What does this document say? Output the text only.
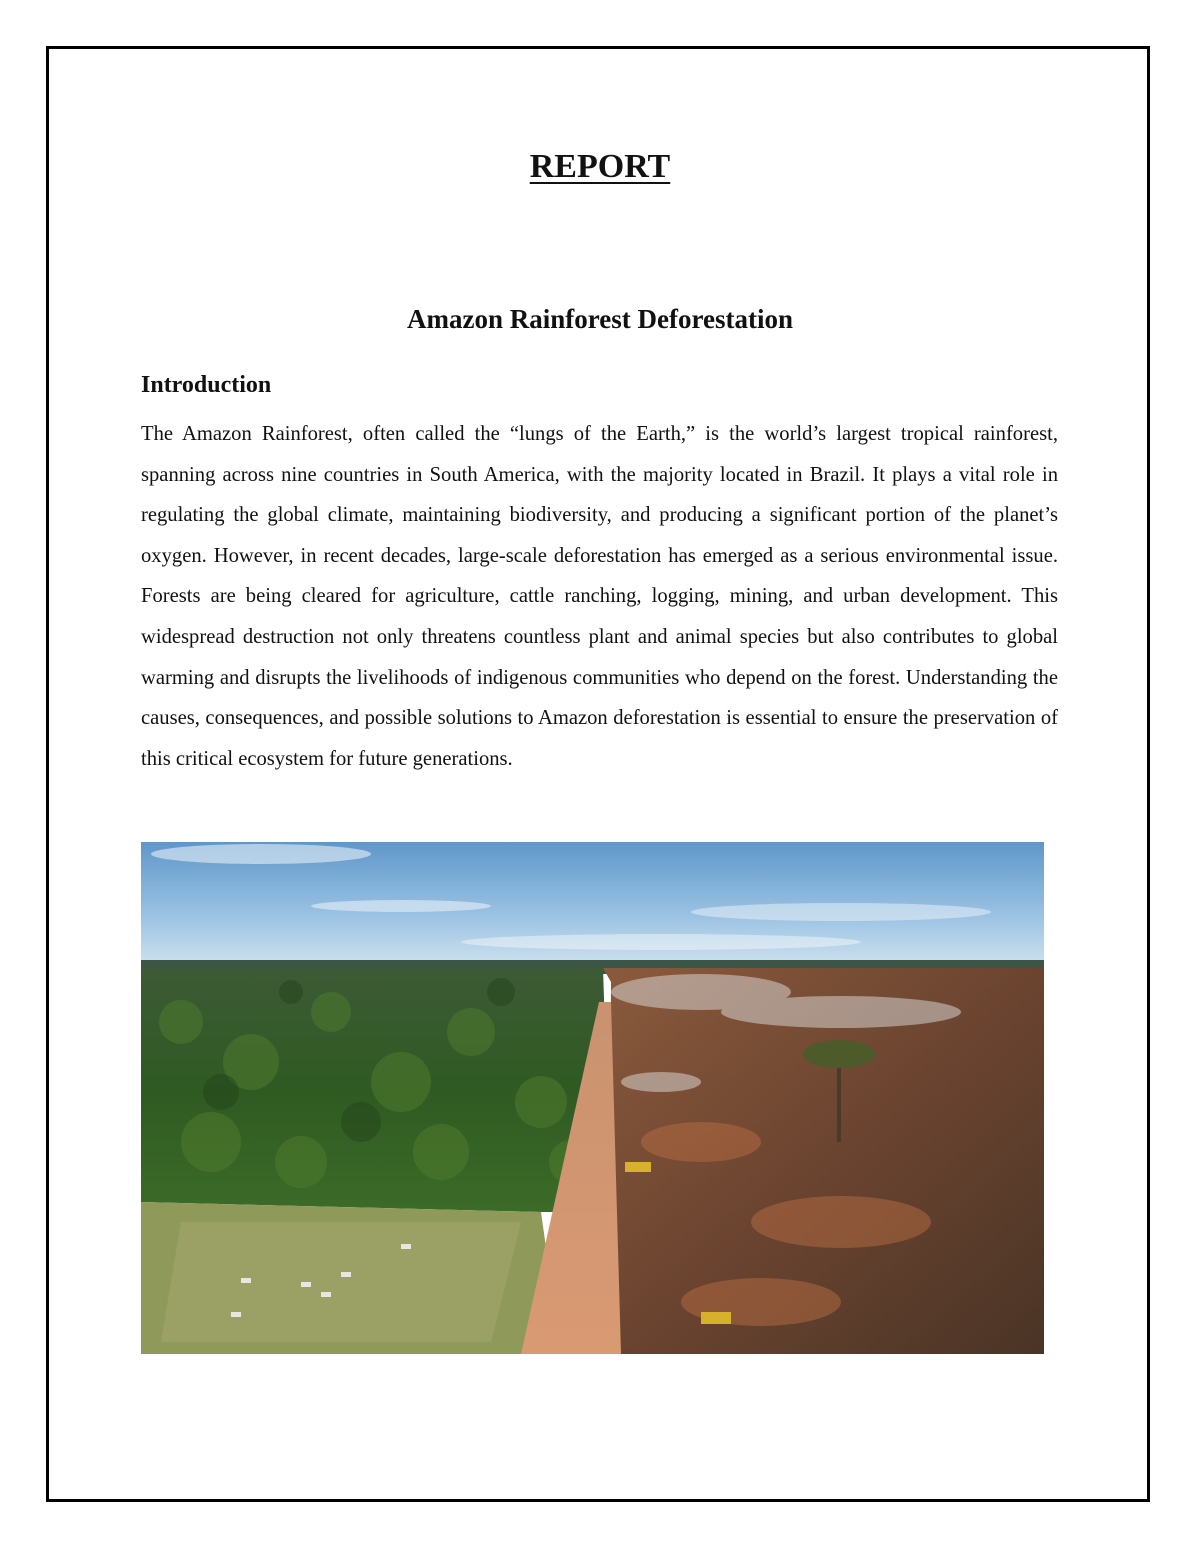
REPORT
Amazon Rainforest Deforestation
Introduction

The Amazon Rainforest, often called the “lungs of the Earth,” is the world’s largest tropical rainforest, spanning across nine countries in South America, with the majority located in Brazil. It plays a vital role in regulating the global climate, maintaining biodiversity, and producing a significant portion of the planet’s oxygen. However, in recent decades, large-scale deforestation has emerged as a serious environmental issue. Forests are being cleared for agriculture, cattle ranching, logging, mining, and urban development. This widespread destruction not only threatens countless plant and animal species but also contributes to global warming and disrupts the livelihoods of indigenous communities who depend on the forest. Understanding the causes, consequences, and possible solutions to Amazon deforestation is essential to ensure the preservation of this critical ecosystem for future generations.
